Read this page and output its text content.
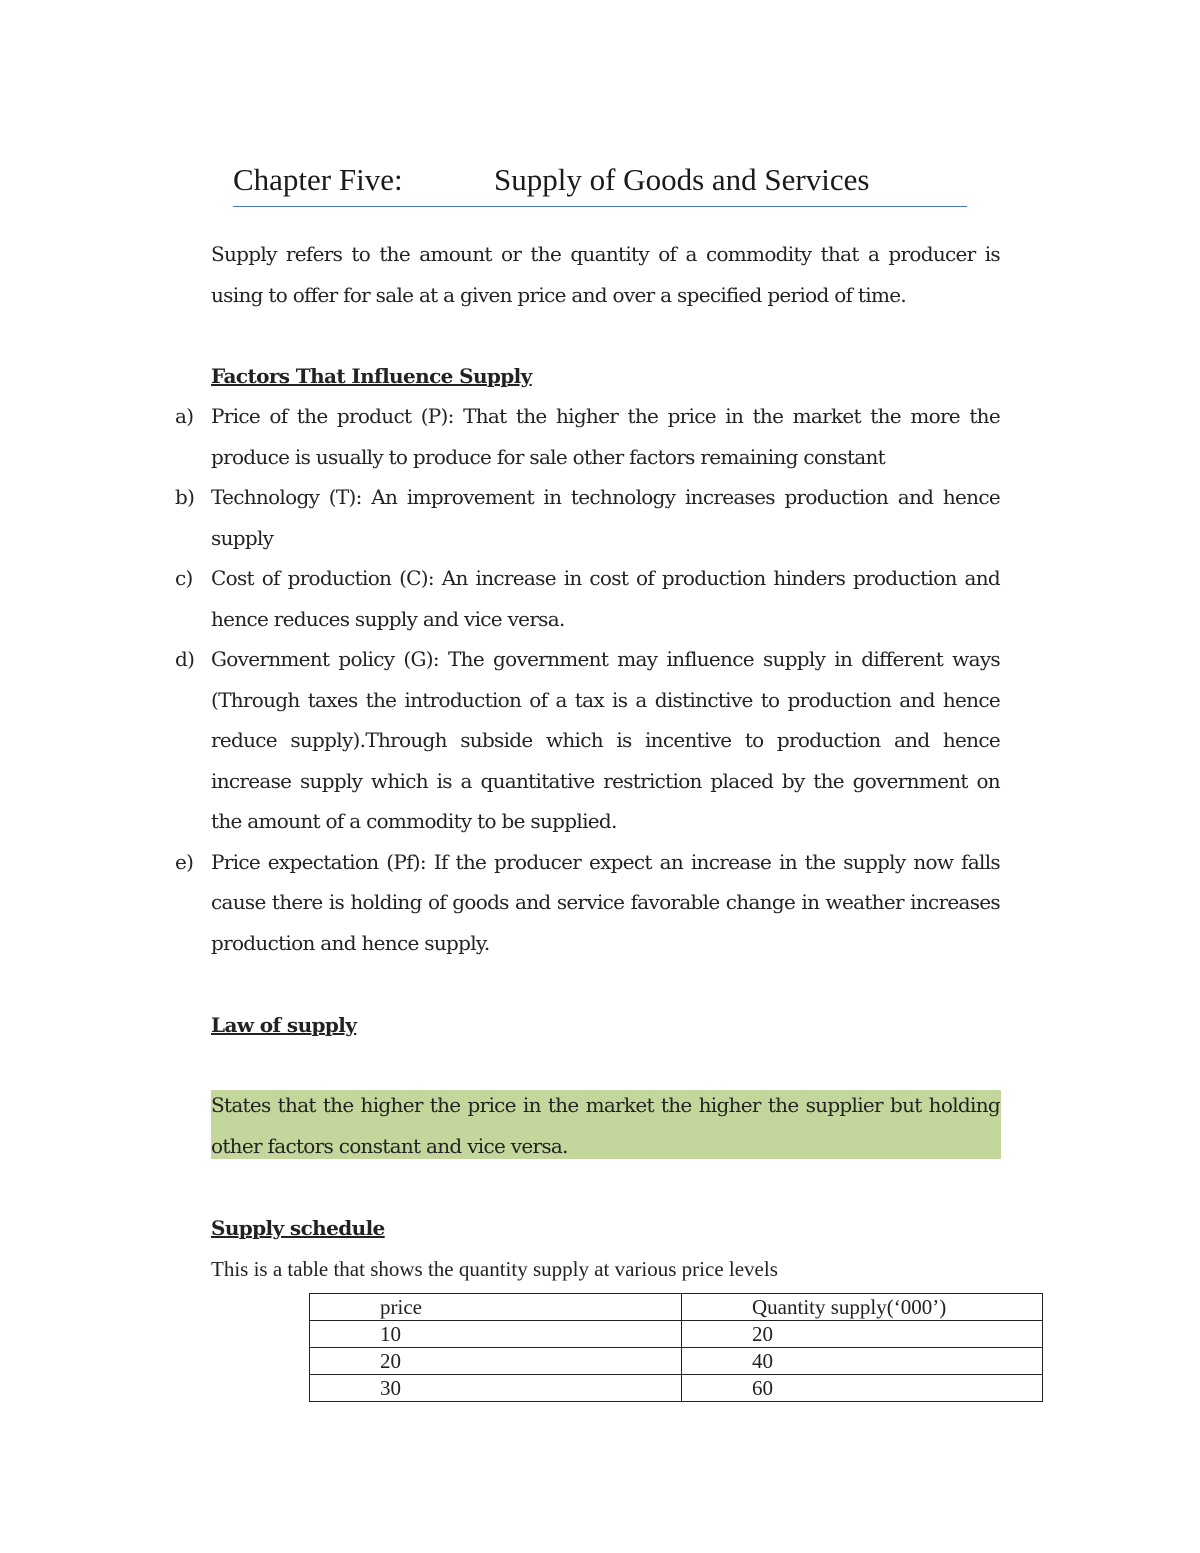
Chapter Five:	Supply of Goods and Services
Supply refers to the amount or the quantity of a commodity that a producer is using to offer for sale at a given price and over a specified period of time.
Factors That Influence Supply
a) Price of the product (P): That the higher the price in the market the more the produce is usually to produce for sale other factors remaining constant
b) Technology (T): An improvement in technology increases production and hence supply
c) Cost of production (C): An increase in cost of production hinders production and hence reduces supply and vice versa.
d) Government policy (G): The government may influence supply in different ways (Through taxes the introduction of a tax is a distinctive to production and hence reduce supply).Through subside which is incentive to production and hence increase supply which is a quantitative restriction placed by the government on the amount of a commodity to be supplied.
e) Price expectation (Pf): If the producer expect an increase in the supply now falls cause there is holding of goods and service favorable change in weather increases production and hence supply.
Law of supply
States that the higher the price in the market the higher the supplier but holding other factors constant and vice versa.
Supply schedule
This is a table that shows the quantity supply at various price levels
price	Quantity supply(‘000’)
10	20
20	40
30	60
